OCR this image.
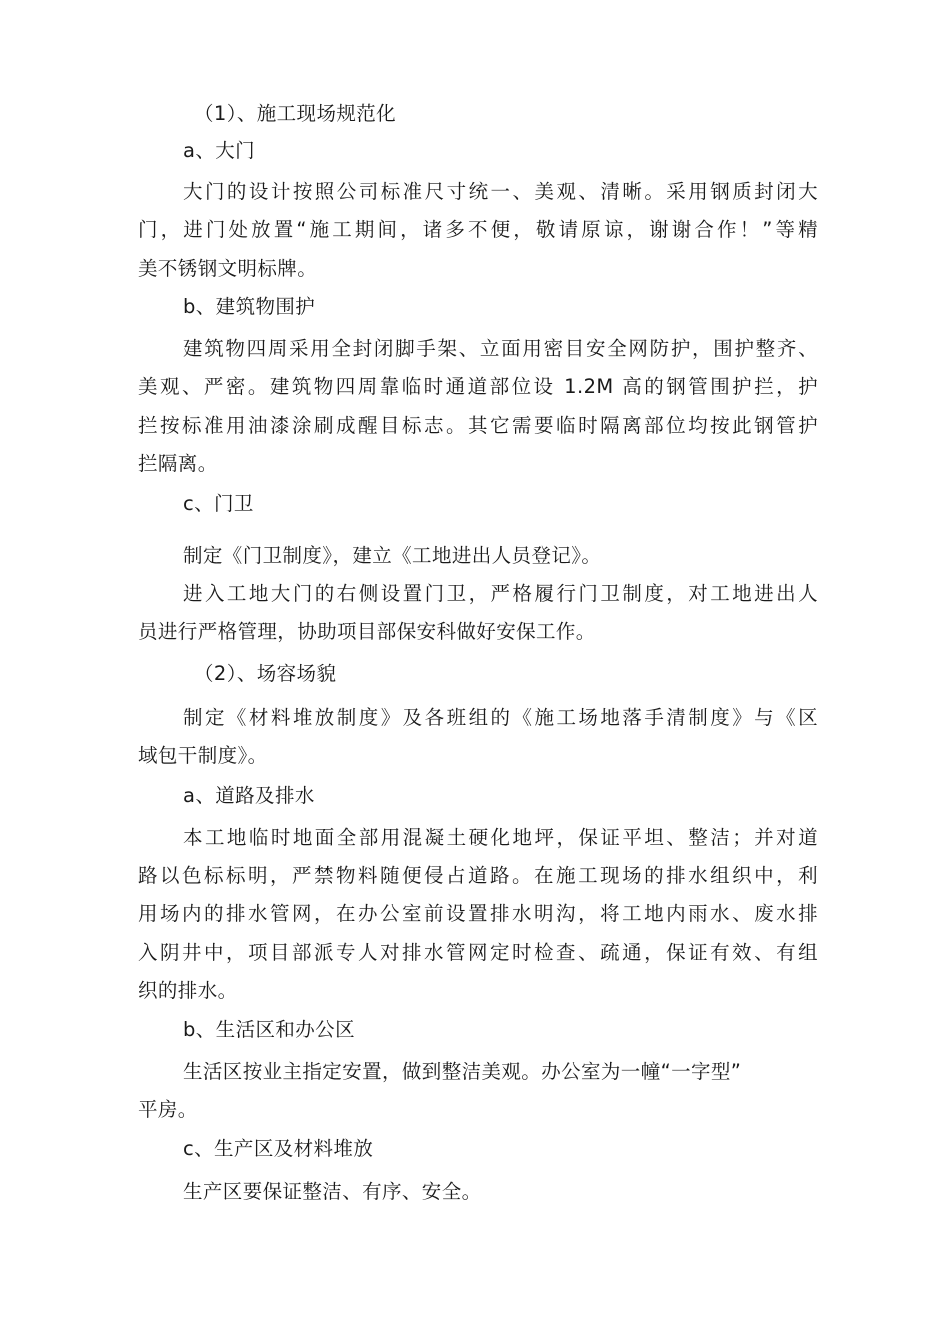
（1）、施工现场规范化
a、大门
大门的设计按照公司标准尺寸统一、美观、清晰。采用钢质封闭大
门，进门处放置“施工期间，诸多不便，敬请原谅，谢谢合作！”等精
美不锈钢文明标牌。
b、建筑物围护
建筑物四周采用全封闭脚手架、立面用密目安全网防护，围护整齐、
美观、严密。建筑物四周靠临时通道部位设 1.2M 高的钢管围护拦，护
拦按标准用油漆涂刷成醒目标志。其它需要临时隔离部位均按此钢管护
拦隔离。
c、门卫
制定《门卫制度》，建立《工地进出人员登记》。
进入工地大门的右侧设置门卫，严格履行门卫制度，对工地进出人
员进行严格管理，协助项目部保安科做好安保工作。
（2）、场容场貌
制定《材料堆放制度》及各班组的《施工场地落手清制度》与《区
域包干制度》。
a、道路及排水
本工地临时地面全部用混凝土硬化地坪，保证平坦、整洁；并对道
路以色标标明，严禁物料随便侵占道路。在施工现场的排水组织中，利
用场内的排水管网，在办公室前设置排水明沟，将工地内雨水、废水排
入阴井中，项目部派专人对排水管网定时检查、疏通，保证有效、有组
织的排水。
b、生活区和办公区
生活区按业主指定安置，做到整洁美观。办公室为一幢“一字型”
平房。
c、生产区及材料堆放
生产区要保证整洁、有序、安全。
